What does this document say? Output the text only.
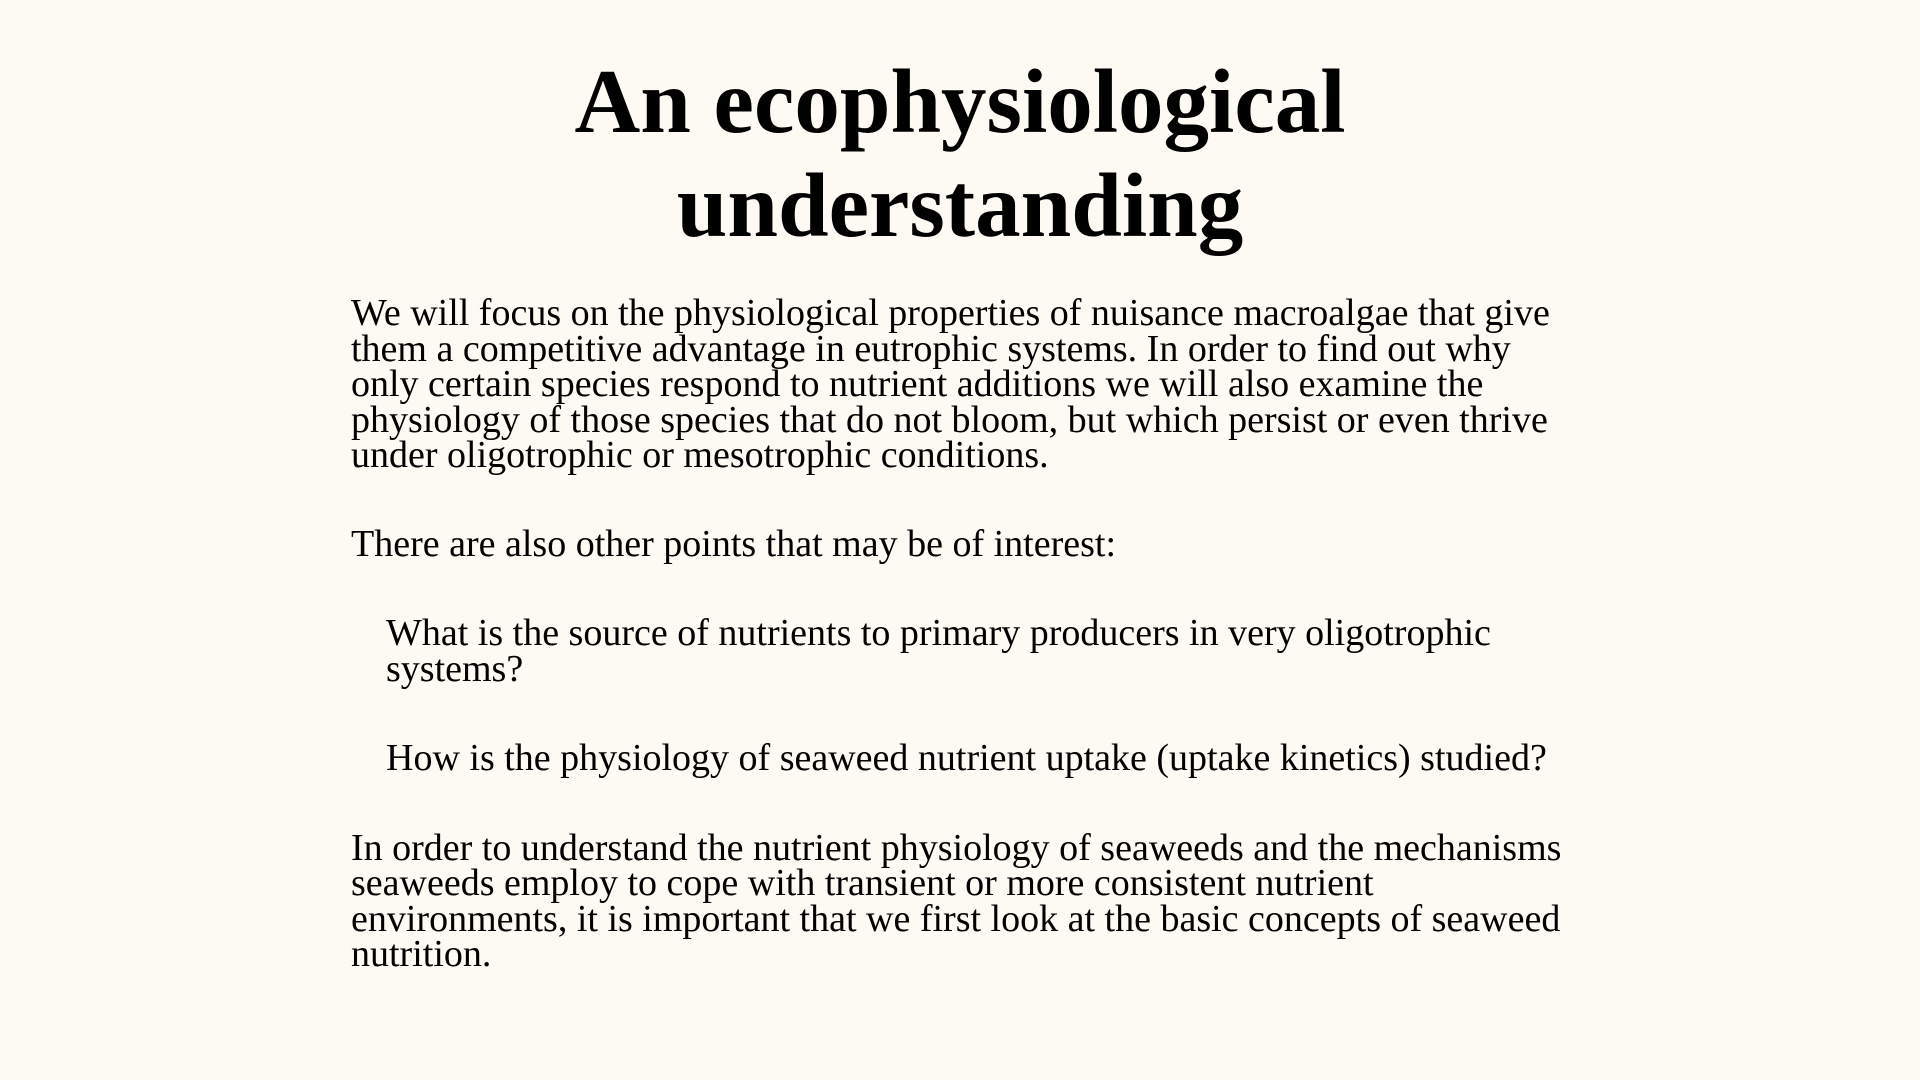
An ecophysiological
understanding

We will focus on the physiological properties of nuisance macroalgae that give
them a competitive advantage in eutrophic systems. In order to find out why
only certain species respond to nutrient additions we will also examine the
physiology of those species that do not bloom, but which persist or even thrive
under oligotrophic or mesotrophic conditions.

There are also other points that may be of interest:

What is the source of nutrients to primary producers in very oligotrophic
systems?

How is the physiology of seaweed nutrient uptake (uptake kinetics) studied?

In order to understand the nutrient physiology of seaweeds and the mechanisms
seaweeds employ to cope with transient or more consistent nutrient
environments, it is important that we first look at the basic concepts of seaweed
nutrition.
